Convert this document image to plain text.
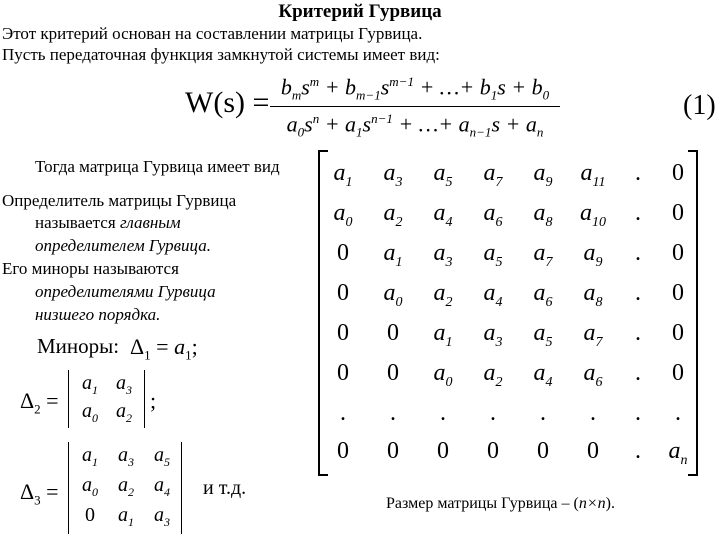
Критерий Гурвица
Этот критерий основан на составлении матрицы Гурвица.
Пусть передаточная функция замкнутой системы имеет вид:
$W(s) = b_ms^m + b_{m-1}s^{m-1}$ + …+ $b_1s + b_0$
$a_0s^n + a_1s^{n-1}$ + …+ $a_{n-1}s + a_n$
(1)
Тогда матрица Гурвица имеет вид	$a_1$	$a_3$	$a_5$	$a_7$	$a_9$	$a_{11}$	.	0
$a_0$	$a_2$	$a_4$	$a_6$	$a_8$	$a_{10}$	.	0
0	$a_1$	$a_3$	$a_5$	$a_7$	$a_9$	.	0
0	$a_0$	$a_2$	$a_4$	$a_6$	$a_8$	.	0
0	0	$a_1$	$a_3$	$a_5$	$a_7$	.	0
0	0	$a_0$	$a_2$	$a_4$	$a_6$	.	0
.	.	.	.	.	.	.	.
0	0	0	0	0	0	.	$a_n$
Определитель матрицы Гурвица
называется главным
определителем Гурвица.
Его миноры называются
определителями Гурвица
низшего порядка.
Миноры: $\Delta_1 = a_1$;
$\Delta_2$ =
$a_1$ $a_3$
$a_0$ $a_2$
;
$\Delta_3$ =
$a_1$	$a_3$	$a_5$
$a_0$	$a_2$	$a_4$
0	$a_1$	$a_3$
и т.д.
Размер матрицы Гурвица – (n×n).
